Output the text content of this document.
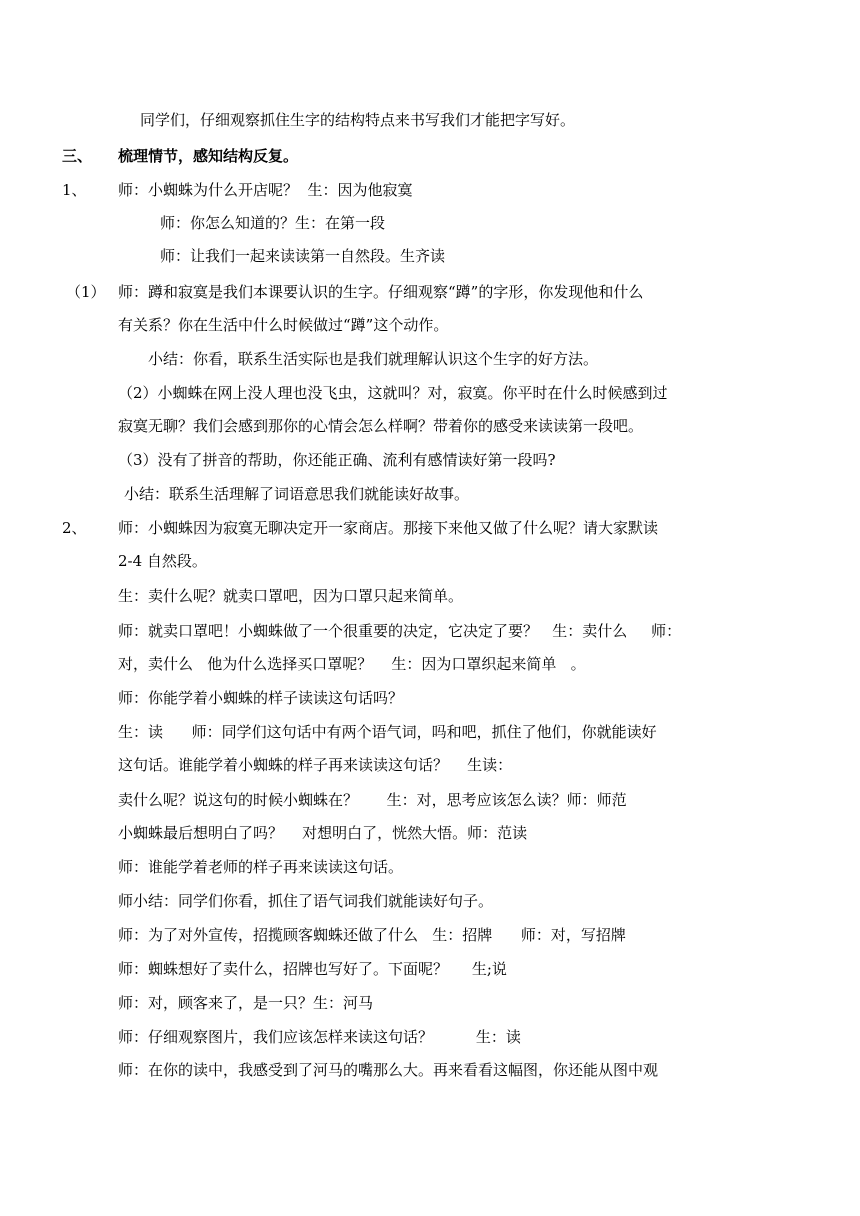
同学们，仔细观察抓住生字的结构特点来书写我们才能把字写好。
三、 梳理情节，感知结构反复。
1、 师：小蜘蛛为什么开店呢？  生：因为他寂寞
师：你怎么知道的？生：在第一段
师：让我们一起来读读第一自然段。生齐读
（1） 师：蹲和寂寞是我们本课要认识的生字。仔细观察“蹲”的字形，你发现他和什么
有关系？你在生活中什么时候做过“蹲”这个动作。
小结：你看，联系生活实际也是我们就理解认识这个生字的好方法。
（2）小蜘蛛在网上没人理也没飞虫，这就叫？对，寂寞。你平时在什么时候感到过
寂寞无聊？我们会感到那你的心情会怎么样啊？带着你的感受来读读第一段吧。
（3）没有了拼音的帮助，你还能正确、流利有感情读好第一段吗?
小结：联系生活理解了词语意思我们就能读好故事。
2、 师：小蜘蛛因为寂寞无聊决定开一家商店。那接下来他又做了什么呢？请大家默读
2-4 自然段。
生：卖什么呢？就卖口罩吧，因为口罩只起来简单。
师：就卖口罩吧！小蜘蛛做了一个很重要的决定，它决定了要？   生：卖什么     师：
对，卖什么   他为什么选择买口罩呢？    生：因为口罩织起来简单   。
师：你能学着小蜘蛛的样子读读这句话吗？
生：读      师：同学们这句话中有两个语气词，吗和吧，抓住了他们，你就能读好
这句话。谁能学着小蜘蛛的样子再来读读这句话？    生读：
卖什么呢？说这句的时候小蜘蛛在？      生：对，思考应该怎么读？师：师范
小蜘蛛最后想明白了吗？    对想明白了，恍然大悟。师：范读
师：谁能学着老师的样子再来读读这句话。
师小结：同学们你看，抓住了语气词我们就能读好句子。
师：为了对外宣传，招揽顾客蜘蛛还做了什么   生：招牌      师：对，写招牌
师：蜘蛛想好了卖什么，招牌也写好了。下面呢？     生;说
师：对，顾客来了，是一只？生：河马
师：仔细观察图片，我们应该怎样来读这句话？         生：读
师：在你的读中，我感受到了河马的嘴那么大。再来看看这幅图，你还能从图中观
